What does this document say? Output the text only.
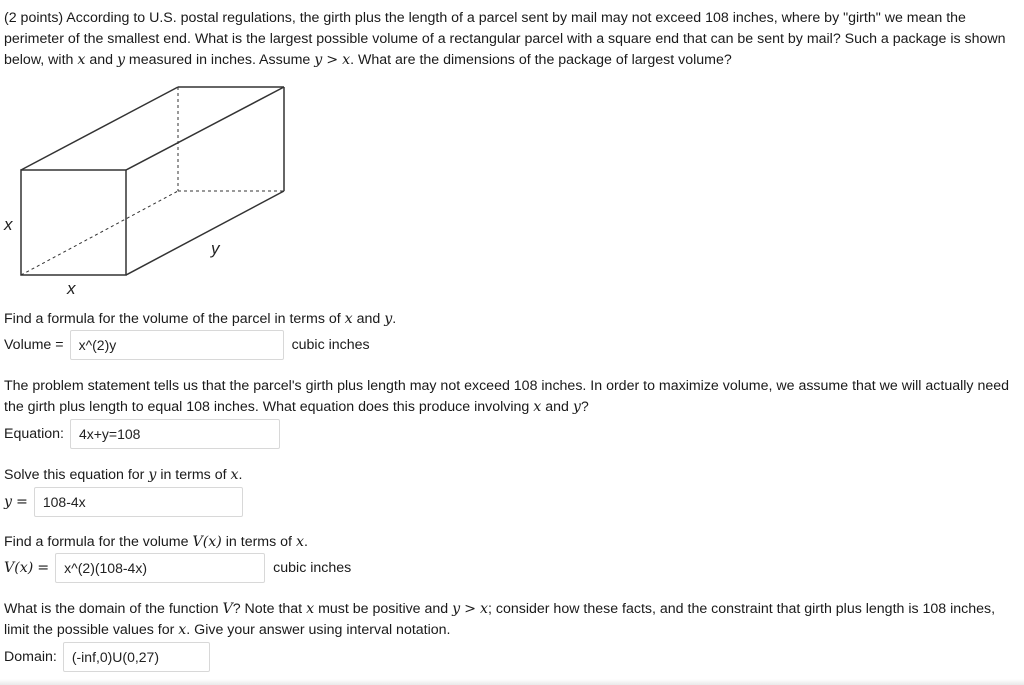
(2 points) According to U.S. postal regulations, the girth plus the length of a parcel sent by mail may not exceed 108 inches, where by "girth" we mean the perimeter of the smallest end. What is the largest possible volume of a rectangular parcel with a square end that can be sent by mail? Such a package is shown below, with x and y measured in inches. Assume y > x. What are the dimensions of the package of largest volume?
x
x
y
Find a formula for the volume of the parcel in terms of x and y.
Volume =
x^(2)y	cubic inches
The problem statement tells us that the parcel's girth plus length may not exceed 108 inches. In order to maximize volume, we assume that we will actually need the girth plus length to equal 108 inches. What equation does this produce involving x and y?
Equation:
4x+y=108
Solve this equation for y in terms of x.
y =
108-4x
Find a formula for the volume V(x) in terms of x.
V(x) =
x^(2)(108-4x)	cubic inches
What is the domain of the function V? Note that x must be positive and y > x; consider how these facts, and the constraint that girth plus length is 108 inches, limit the possible values for x. Give your answer using interval notation.
Domain:
(-inf,0)U(0,27)
